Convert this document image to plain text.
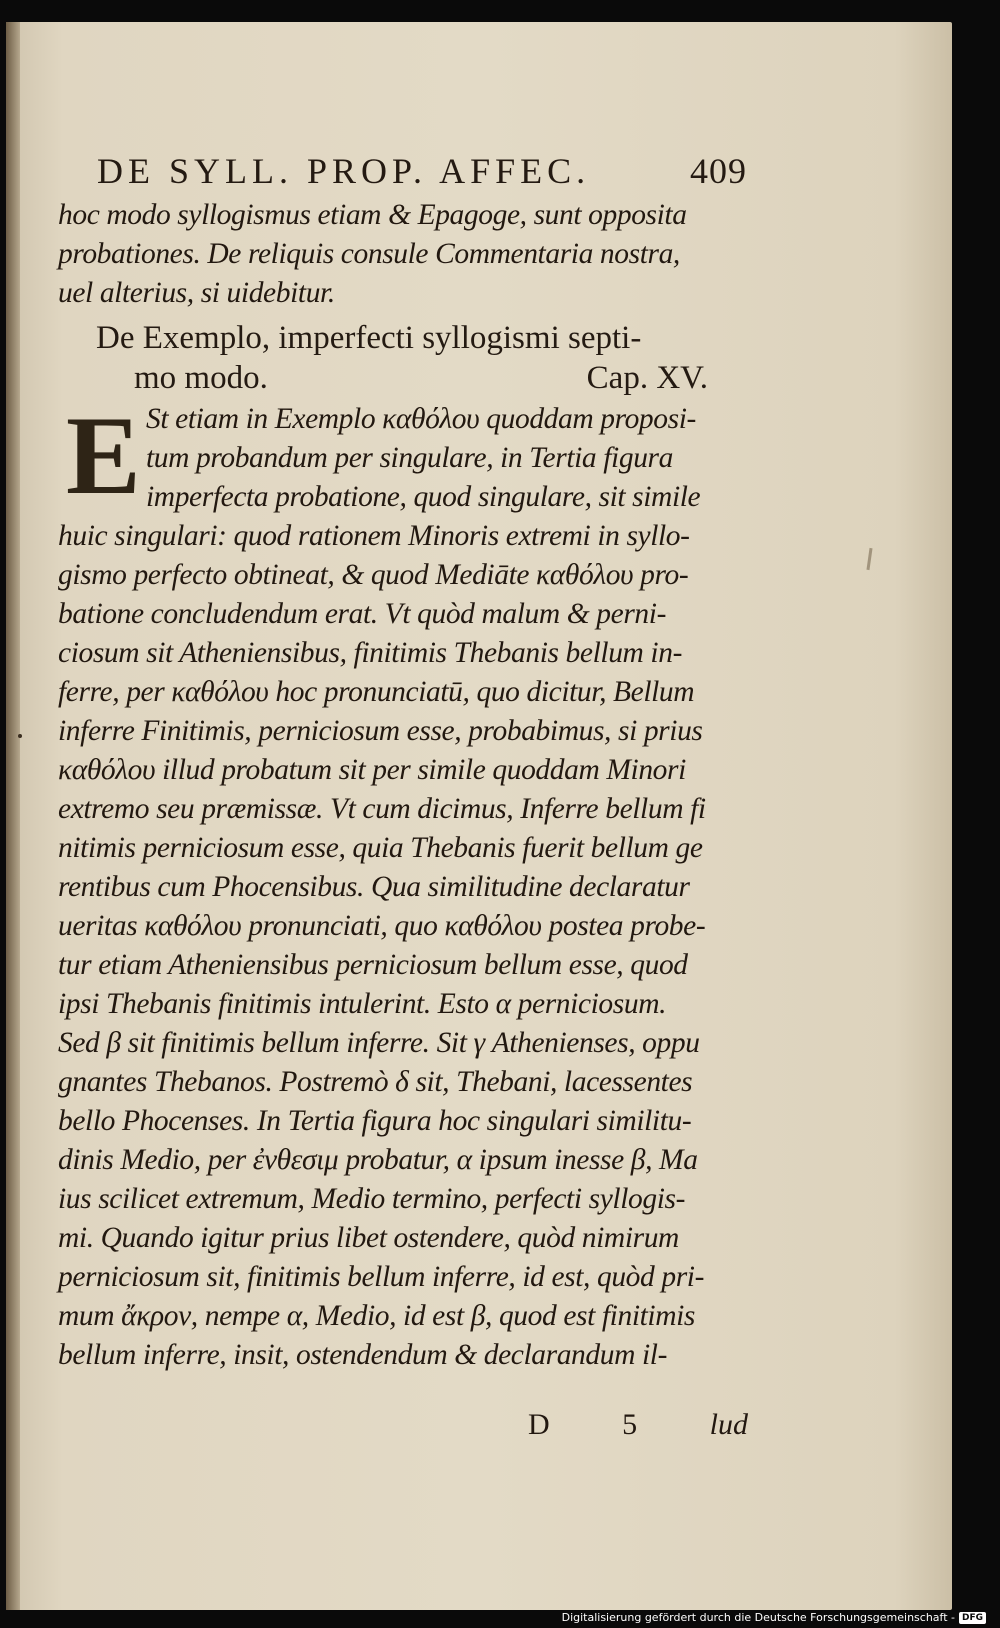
DE SYLL. PROP. AFFEC.	409
hoc modo syllogismus etiam & Epagoge, sunt opposita
probationes. De reliquis consule Commentaria nostra,
uel alterius, si uidebitur.
De Exemplo, imperfecti syllogismi septi-
mo modo.	Cap. XV.
E St etiam in Exemplo καθόλου quoddam proposi-
tum probandum per singulare, in Tertia figura
imperfecta probatione, quod singulare, sit simile
huic singulari: quod rationem Minoris extremi in syllo-
gismo perfecto obtineat, & quod Mediāte καθόλου pro-
batione concludendum erat. Vt quòd malum & perni-
ciosum sit Atheniensibus, finitimis Thebanis bellum in-
ferre, per καθόλου hoc pronunciatū, quo dicitur, Bellum
inferre Finitimis, perniciosum esse, probabimus, si prius
καθόλου illud probatum sit per simile quoddam Minori
extremo seu præmissæ. Vt cum dicimus, Inferre bellum fi
nitimis perniciosum esse, quia Thebanis fuerit bellum ge
rentibus cum Phocensibus. Qua similitudine declaratur
ueritas καθόλου pronunciati, quo καθόλου postea probe-
tur etiam Atheniensibus perniciosum bellum esse, quod
ipsi Thebanis finitimis intulerint. Esto α perniciosum.
Sed β sit finitimis bellum inferre. Sit γ Athenienses, oppu
gnantes Thebanos. Postremò δ sit, Thebani, lacessentes
bello Phocenses. In Tertia figura hoc singulari similitu-
dinis Medio, per ἐνθεσιμ probatur, α ipsum inesse β, Ma
ius scilicet extremum, Medio termino, perfecti syllogis-
mi. Quando igitur prius libet ostendere, quòd nimirum
perniciosum sit, finitimis bellum inferre, id est, quòd pri-
mum ἄκρον, nempe α, Medio, id est β, quod est finitimis
bellum inferre, insit, ostendendum & declarandum il-
D 5 lud
Digitalisierung gefördert durch die Deutsche Forschungsgemeinschaft - DFG
